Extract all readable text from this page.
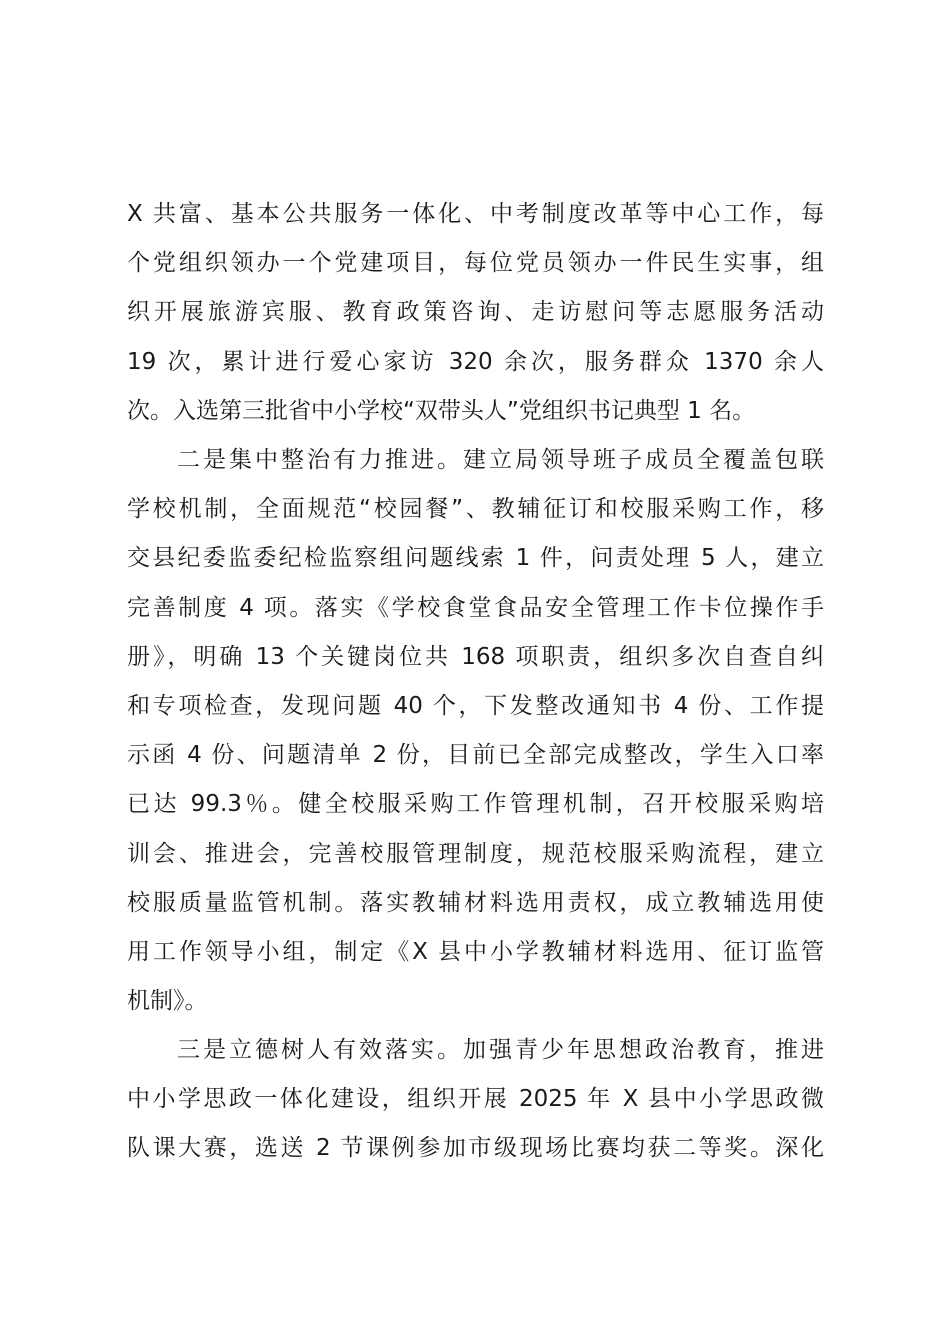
X 共富、基本公共服务一体化、中考制度改革等中心工作，每
个党组织领办一个党建项目，每位党员领办一件民生实事，组
织开展旅游宾服、教育政策咨询、走访慰问等志愿服务活动
19 次，累计进行爱心家访 320 余次，服务群众 1370 余人
次。入选第三批省中小学校“双带头人”党组织书记典型 1 名。
二是集中整治有力推进。建立局领导班子成员全覆盖包联
学校机制，全面规范“校园餐”、教辅征订和校服采购工作，移
交县纪委监委纪检监察组问题线索 1 件，问责处理 5 人，建立
完善制度 4 项。落实《学校食堂食品安全管理工作卡位操作手
册》，明确 13 个关键岗位共 168 项职责，组织多次自查自纠
和专项检查，发现问题 40 个，下发整改通知书 4 份、工作提
示函 4 份、问题清单 2 份，目前已全部完成整改，学生入口率
已达 99.3％。健全校服采购工作管理机制，召开校服采购培
训会、推进会，完善校服管理制度，规范校服采购流程，建立
校服质量监管机制。落实教辅材料选用责权，成立教辅选用使
用工作领导小组，制定《X 县中小学教辅材料选用、征订监管
机制》。
三是立德树人有效落实。加强青少年思想政治教育，推进
中小学思政一体化建设，组织开展 2025 年 X 县中小学思政微
队课大赛，选送 2 节课例参加市级现场比赛均获二等奖。深化
